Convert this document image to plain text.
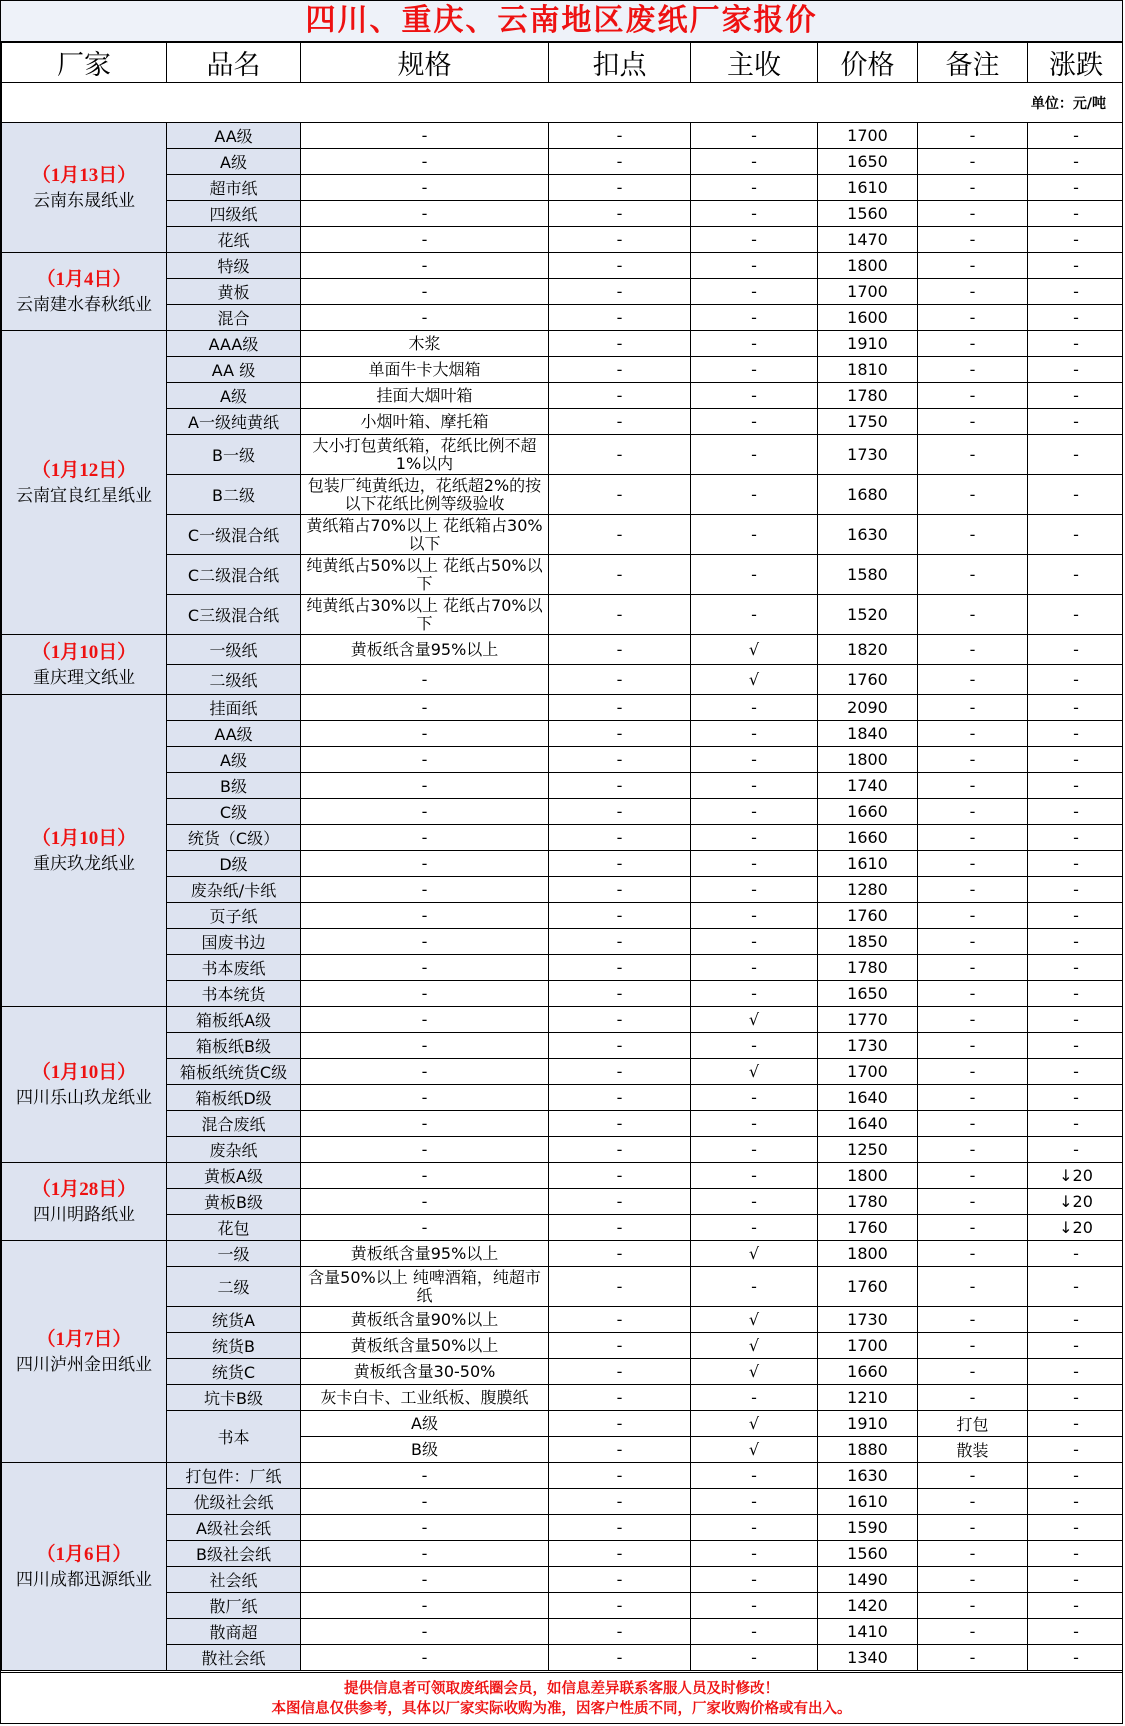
四川、重庆、云南地区废纸厂家报价
厂家	品名	规格	扣点	主收	价格	备注	涨跌
单位：元/吨							

（1月13日）
云南东晟纸业	AA级	-	-	-	1700	-	-
	A级	-	-	-	1650	-	-
	超市纸	-	-	-	1610	-	-
	四级纸	-	-	-	1560	-	-
	花纸	-	-	-	1470	-	-

（1月4日）
云南建水春秋纸业	特级	-	-	-	1800	-	-
	黄板	-	-	-	1700	-	-
	混合	-	-	-	1600	-	-

（1月12日）
云南宜良红星纸业	AAA级	木浆	-	-	1910	-	-
	AA 级	单面牛卡大烟箱	-	-	1810	-	-
	A级	挂面大烟叶箱	-	-	1780	-	-
	A一级纯黄纸	小烟叶箱、摩托箱	-	-	1750	-	-
	B一级	大小打包黄纸箱，花纸比例不超1%以内	-	-	1730	-	-
	B二级	包装厂纯黄纸边，花纸超2%的按以下花纸比例等级验收	-	-	1680	-	-
	C一级混合纸	黄纸箱占70%以上 花纸箱占30%以下	-	-	1630	-	-
	C二级混合纸	纯黄纸占50%以上 花纸占50%以下	-	-	1580	-	-
	C三级混合纸	纯黄纸占30%以上 花纸占70%以下	-	-	1520	-	-

（1月10日）
重庆理文纸业	一级纸	黄板纸含量95%以上	-	√	1820	-	-
	二级纸	-	-	√	1760	-	-

（1月10日）
重庆玖龙纸业	挂面纸	-	-	-	2090	-	-
	AA级	-	-	-	1840	-	-
	A级	-	-	-	1800	-	-
	B级	-	-	-	1740	-	-
	C级	-	-	-	1660	-	-
	统货（C级）	-	-	-	1660	-	-
	D级	-	-	-	1610	-	-
	废杂纸/卡纸	-	-	-	1280	-	-
	页子纸	-	-	-	1760	-	-
	国废书边	-	-	-	1850	-	-
	书本废纸	-	-	-	1780	-	-
	书本统货	-	-	-	1650	-	-

（1月10日）
四川乐山玖龙纸业	箱板纸A级	-	-	√	1770	-	-
	箱板纸B级	-	-	-	1730	-	-
	箱板纸统货C级	-	-	√	1700	-	-
	箱板纸D级	-	-	-	1640	-	-
	混合废纸	-	-	-	1640	-	-
	废杂纸	-	-	-	1250	-	-

（1月28日）
四川明路纸业	黄板A级	-	-	-	1800	-	↓20
	黄板B级	-	-	-	1780	-	↓20
	花包	-	-	-	1760	-	↓20

（1月7日）
四川泸州金田纸业	一级	黄板纸含量95%以上	-	√	1800	-	-
	二级	含量50%以上 纯啤酒箱，纯超市纸	-	-	1760	-	-
	统货A	黄板纸含量90%以上	-	√	1730	-	-
	统货B	黄板纸含量50%以上	-	√	1700	-	-
	统货C	黄板纸含量30-50%	-	√	1660	-	-
	坑卡B级	灰卡白卡、工业纸板、腹膜纸	-	-	1210	-	-
	书本	A级	-	√	1910	打包	-
		B级	-	√	1880	散装	-

（1月6日）
四川成都迅源纸业	打包件：厂纸	-	-	-	1630	-	-
	优级社会纸	-	-	-	1610	-	-
	A级社会纸	-	-	-	1590	-	-
	B级社会纸	-	-	-	1560	-	-
	社会纸	-	-	-	1490	-	-
	散厂纸	-	-	-	1420	-	-
	散商超	-	-	-	1410	-	-
	散社会纸	-	-	-	1340	-	-
提供信息者可领取废纸圈会员，如信息差异联系客服人员及时修改！
本图信息仅供参考，具体以厂家实际收购为准，因客户性质不同，厂家收购价格或有出入。
